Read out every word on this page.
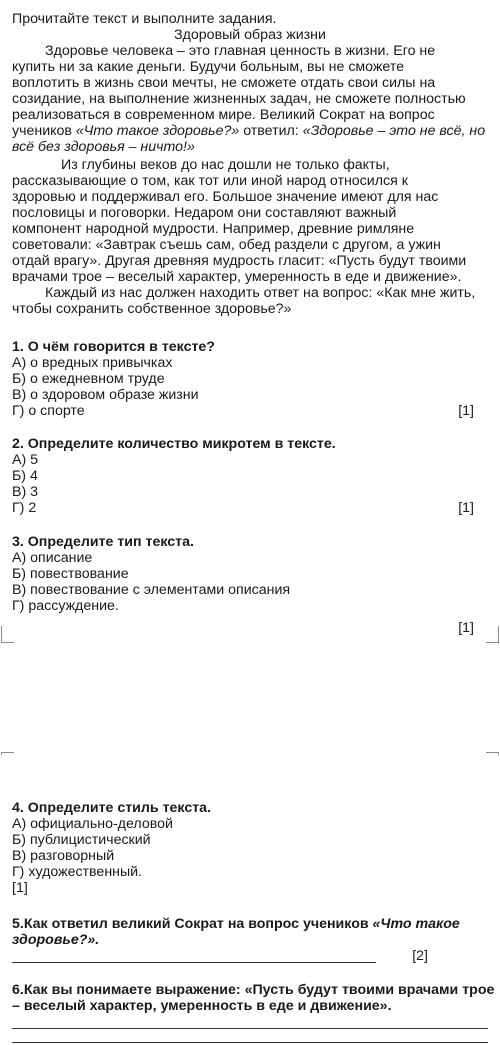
Прочитайте текст и выполните задания.
Здоровый образ жизни
Здоровье человека – это главная ценность в жизни. Его не
купить ни за какие деньги. Будучи больным, вы не сможете
воплотить в жизнь свои мечты, не сможете отдать свои силы на
созидание, на выполнение жизненных задач, не сможете полностью
реализоваться в современном мире. Великий Сократ на вопрос
учеников «Что такое здоровье?» ответил: «Здоровье – это не всё, но
всё без здоровья – ничто!»
Из глубины веков до нас дошли не только факты,
рассказывающие о том, как тот или иной народ относился к
здоровью и поддерживал его. Большое значение имеют для нас
пословицы и поговорки. Недаром они составляют важный
компонент народной мудрости. Например, древние римляне
советовали: «Завтрак съешь сам, обед раздели с другом, а ужин
отдай врагу». Другая древняя мудрость гласит: «Пусть будут твоими
врачами трое – веселый характер, умеренность в еде и движение».
Каждый из нас должен находить ответ на вопрос: «Как мне жить,
чтобы сохранить собственное здоровье?»
1. О чём говорится в тексте?
А) о вредных привычках
Б) о ежедневном труде
В) о здоровом образе жизни
Г) о спорте	[1]
2. Определите количество микротем в тексте.
А) 5
Б) 4
В) 3
Г) 2	[1]
3. Определите тип текста.
А) описание
Б) повествование
В) повествование с элементами описания
Г) рассуждение.
[1]
4. Определите стиль текста.
А) официально-деловой
Б) публицистический
В) разговорный
Г) художественный.
[1]
5.Как ответил великий Сократ на вопрос учеников «Что такое
здоровье?».
[2]
6.Как вы понимаете выражение: «Пусть будут твоими врачами трое
– веселый характер, умеренность в еде и движение».
